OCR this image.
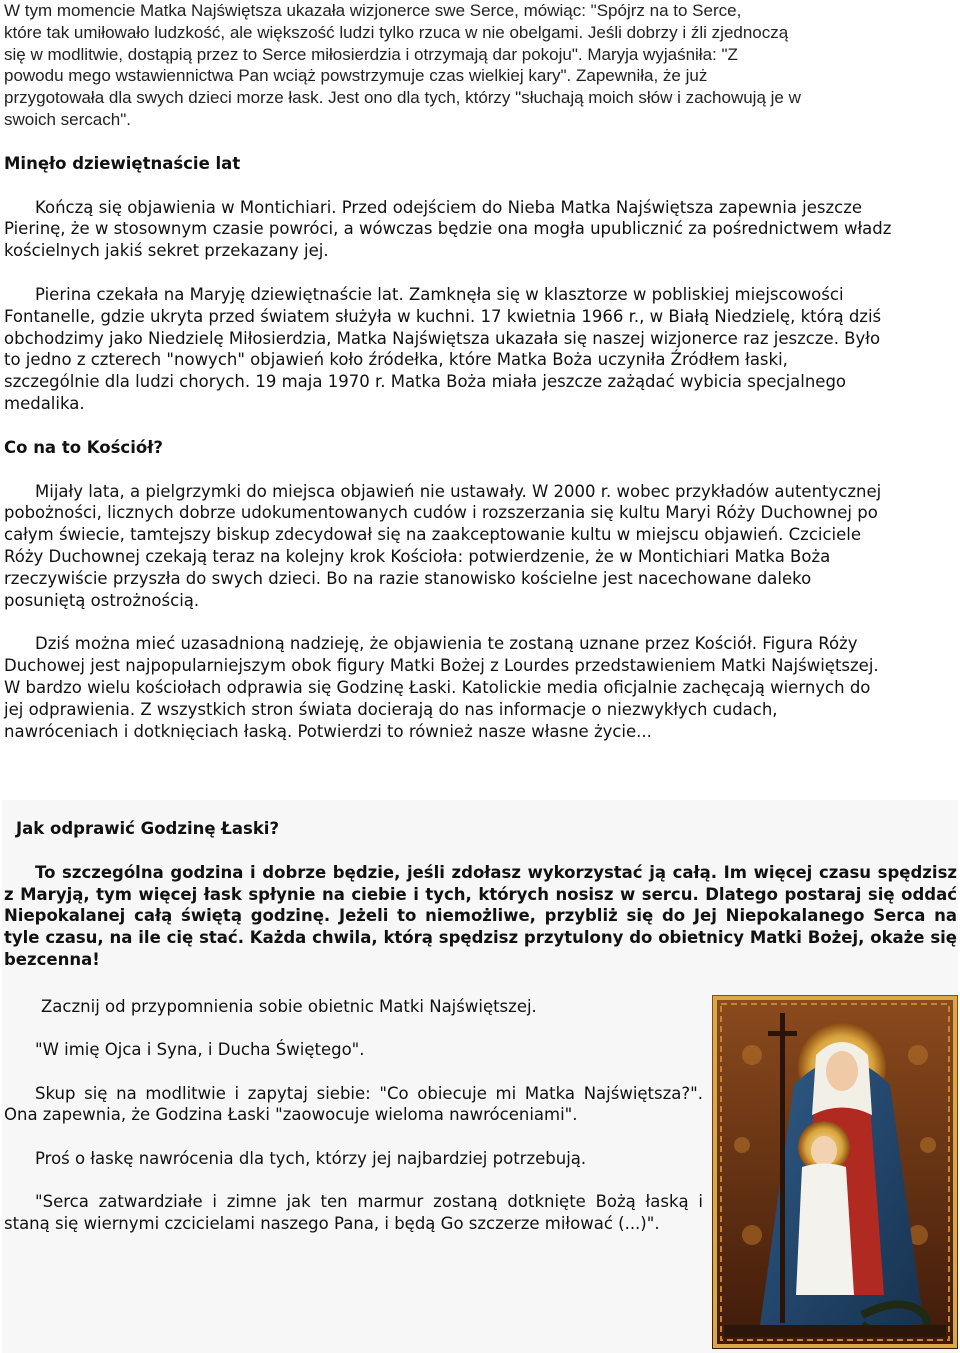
W tym momencie Matka Najświętsza ukazała wizjonerce swe Serce, mówiąc: "Spójrz na to Serce,
które tak umiłowało ludzkość, ale większość ludzi tylko rzuca w nie obelgami. Jeśli dobrzy i źli zjednoczą
się w modlitwie, dostąpią przez to Serce miłosierdzia i otrzymają dar pokoju". Maryja wyjaśniła: "Z
powodu mego wstawiennictwa Pan wciąż powstrzymuje czas wielkiej kary". Zapewniła, że już
przygotowała dla swych dzieci morze łask. Jest ono dla tych, którzy "słuchają moich słów i zachowują je w
swoich sercach".

Minęło dziewiętnaście lat

Kończą się objawienia w Montichiari. Przed odejściem do Nieba Matka Najświętsza zapewnia jeszcze
Pierinę, że w stosownym czasie powróci, a wówczas będzie ona mogła upublicznić za pośrednictwem władz
kościelnych jakiś sekret przekazany jej.

Pierina czekała na Maryję dziewiętnaście lat. Zamknęła się w klasztorze w pobliskiej miejscowości
Fontanelle, gdzie ukryta przed światem służyła w kuchni. 17 kwietnia 1966 r., w Białą Niedzielę, którą dziś
obchodzimy jako Niedzielę Miłosierdzia, Matka Najświętsza ukazała się naszej wizjonerce raz jeszcze. Było
to jedno z czterech "nowych" objawień koło źródełka, które Matka Boża uczyniła Źródłem łaski,
szczególnie dla ludzi chorych. 19 maja 1970 r. Matka Boża miała jeszcze zażądać wybicia specjalnego
medalika.

Co na to Kościół?

Mijały lata, a pielgrzymki do miejsca objawień nie ustawały. W 2000 r. wobec przykładów autentycznej
pobożności, licznych dobrze udokumentowanych cudów i rozszerzania się kultu Maryi Róży Duchownej po
całym świecie, tamtejszy biskup zdecydował się na zaakceptowanie kultu w miejscu objawień. Czciciele
Róży Duchownej czekają teraz na kolejny krok Kościoła: potwierdzenie, że w Montichiari Matka Boża
rzeczywiście przyszła do swych dzieci. Bo na razie stanowisko kościelne jest nacechowane daleko
posuniętą ostrożnością.

Dziś można mieć uzasadnioną nadzieję, że objawienia te zostaną uznane przez Kościół. Figura Róży
Duchowej jest najpopularniejszym obok figury Matki Bożej z Lourdes przedstawieniem Matki Najświętszej.
W bardzo wielu kościołach odprawia się Godzinę Łaski. Katolickie media oficjalnie zachęcają wiernych do
jej odprawienia. Z wszystkich stron świata docierają do nas informacje o niezwykłych cudach,
nawróceniach i dotknięciach łaską. Potwierdzi to również nasze własne życie...

Jak odprawić Godzinę Łaski?
To szczególna godzina i dobrze będzie, jeśli zdołasz wykorzystać ją całą. Im więcej czasu spędzisz z Maryją, tym więcej łask spłynie na ciebie i tych, których nosisz w sercu. Dlatego postaraj się oddać Niepokalanej całą świętą godzinę. Jeżeli to niemożliwe, przybliż się do Jej Niepokalanego Serca na tyle czasu, na ile cię stać. Każda chwila, którą spędzisz przytulony do obietnicy Matki Bożej, okaże się bezcenna!

Zacznij od przypomnienia sobie obietnic Matki Najświętszej.

"W imię Ojca i Syna, i Ducha Świętego".

Skup się na modlitwie i zapytaj siebie: "Co obiecuje mi Matka Najświętsza?". Ona zapewnia, że Godzina Łaski "zaowocuje wieloma nawróceniami".

Proś o łaskę nawrócenia dla tych, którzy jej najbardziej potrzebują.

"Serca zatwardziałe i zimne jak ten marmur zostaną dotknięte Bożą łaską i staną się wiernymi czcicielami naszego Pana, i będą Go szczerze miłować (...)".
